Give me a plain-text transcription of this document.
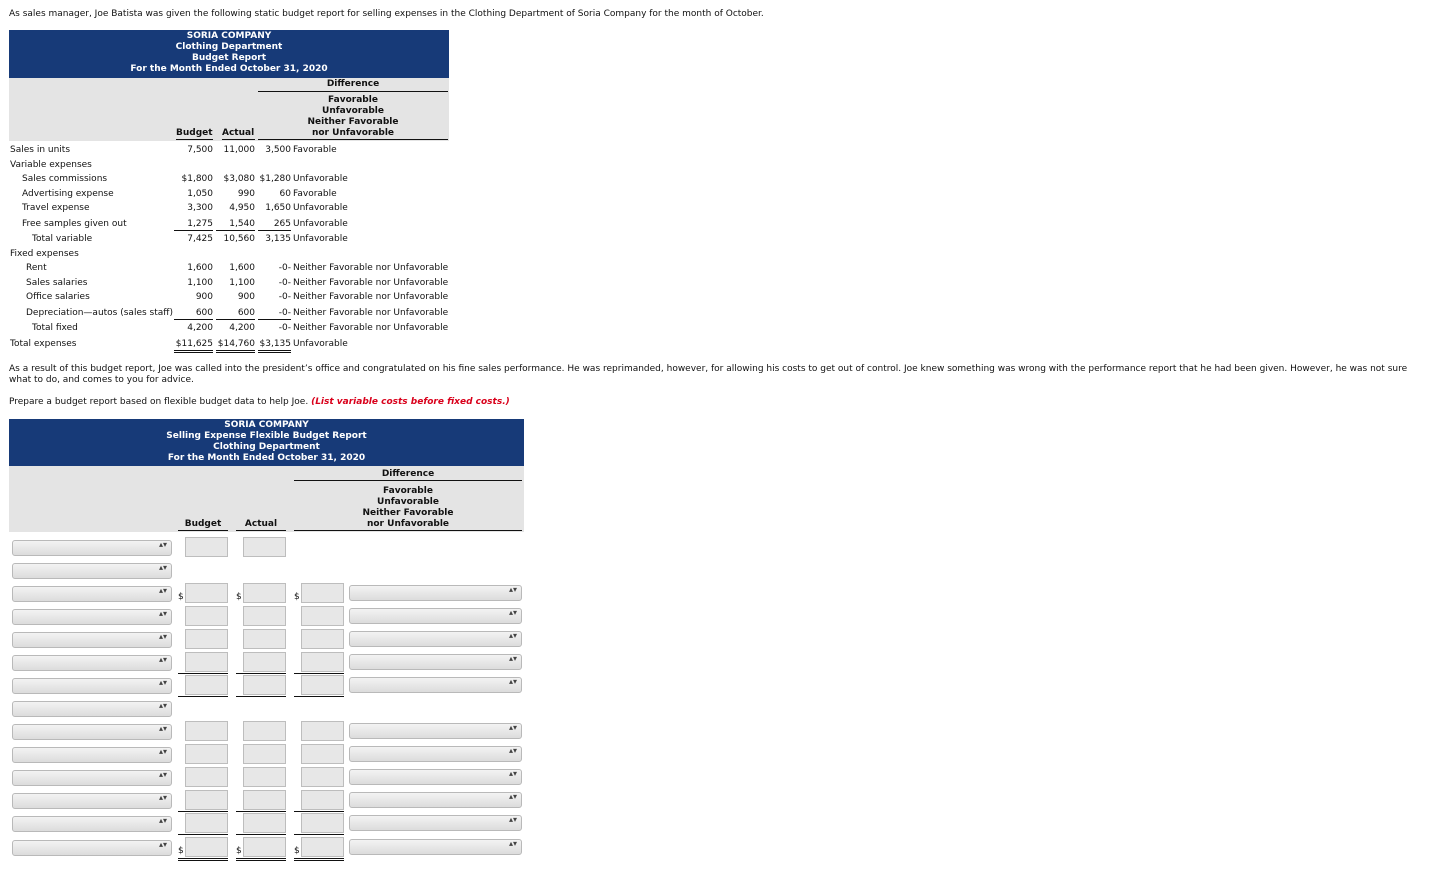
As sales manager, Joe Batista was given the following static budget report for selling expenses in the Clothing Department of Soria Company for the month of October.
SORIA COMPANY
Clothing Department
Budget Report
For the Month Ended October 31, 2020
Difference
Favorable
Unfavorable
Neither Favorable
nor Unfavorable
Budget Actual
Sales in units	7,500	11,000	3,500 Favorable
Variable expenses
Sales commissions	$1,800	$3,080 $1,280 Unfavorable
Advertising expense	1,050	990	60 Favorable
Travel expense	3,300	4,950	1,650 Unfavorable
Free samples given out	1,275	1,540	265 Unfavorable
Total variable	7,425	10,560	3,135 Unfavorable
Fixed expenses
Rent	1,600	1,600	-0- Neither Favorable nor Unfavorable
Sales salaries	1,100	1,100	-0- Neither Favorable nor Unfavorable
Office salaries	900	900	-0- Neither Favorable nor Unfavorable
Depreciation—autos (sales staff)	600	600	-0- Neither Favorable nor Unfavorable
Total fixed	4,200	4,200	-0- Neither Favorable nor Unfavorable
Total expenses	$11,625 $14,760 $3,135 Unfavorable
As a result of this budget report, Joe was called into the president’s office and congratulated on his fine sales performance. He was reprimanded, however, for allowing his costs to get out of control. Joe knew something was wrong with the performance report that he had been given. However, he was not sure what to do, and comes to you for advice.
Prepare a budget report based on flexible budget data to help Joe. (List variable costs before fixed costs.)
SORIA COMPANY
Selling Expense Flexible Budget Report
Clothing Department
For the Month Ended October 31, 2020
Difference
Favorable
Unfavorable
Neither Favorable
nor Unfavorable
Budget	Actual
▴▾
▴▾
▴▾
$	$	$
▴▾
▴▾	▴▾
▴▾	▴▾
▴▾	▴▾
▴▾	▴▾
▴▾
▴▾	▴▾
▴▾	▴▾
▴▾	▴▾
▴▾	▴▾
▴▾	▴▾
▴▾
$	$	$
▴▾
